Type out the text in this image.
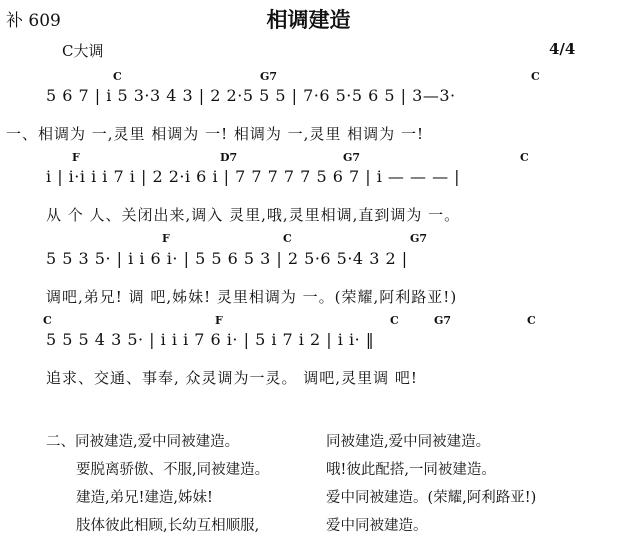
补 609	相调建造
C大调	4/4
C	G7	C
5 6 7 | i 5 3·3 4 3 | 2 2·5 5 5 | 7·6 5·5 6 5 | 3—3·
一、相调为 一,灵里 相调为 一! 相调为 一,灵里 相调为 一!
F	D7	G7	C
i | i·i i i 7 i | 2 2·i 6 i | 7 7 7 7 7 5 6 7 | i — — — |
从 个 人、关闭出来,调入 灵里,哦,灵里相调,直到调为 一。
F	C	G7
5 5 3 5· | i i 6 i· | 5 5 6 5 3 | 2 5·6 5·4 3 2 |
调吧,弟兄! 调 吧,姊妹! 灵里相调为 一。(荣耀,阿利路亚!)
C	F	C	G7	C
5 5 5 4 3 5· | i i i 7 6 i· | 5 i 7 i 2 | i i· ‖
追求、交通、事奉, 众灵调为一灵。 调吧,灵里调 吧!
二、同被建造,爱中同被建造。	同被建造,爱中同被建造。
要脱离骄傲、不服,同被建造。	哦!彼此配搭,一同被建造。
建造,弟兄!建造,姊妹!	爱中同被建造。(荣耀,阿利路亚!)
肢体彼此相顾,长幼互相顺服,	爱中同被建造。
